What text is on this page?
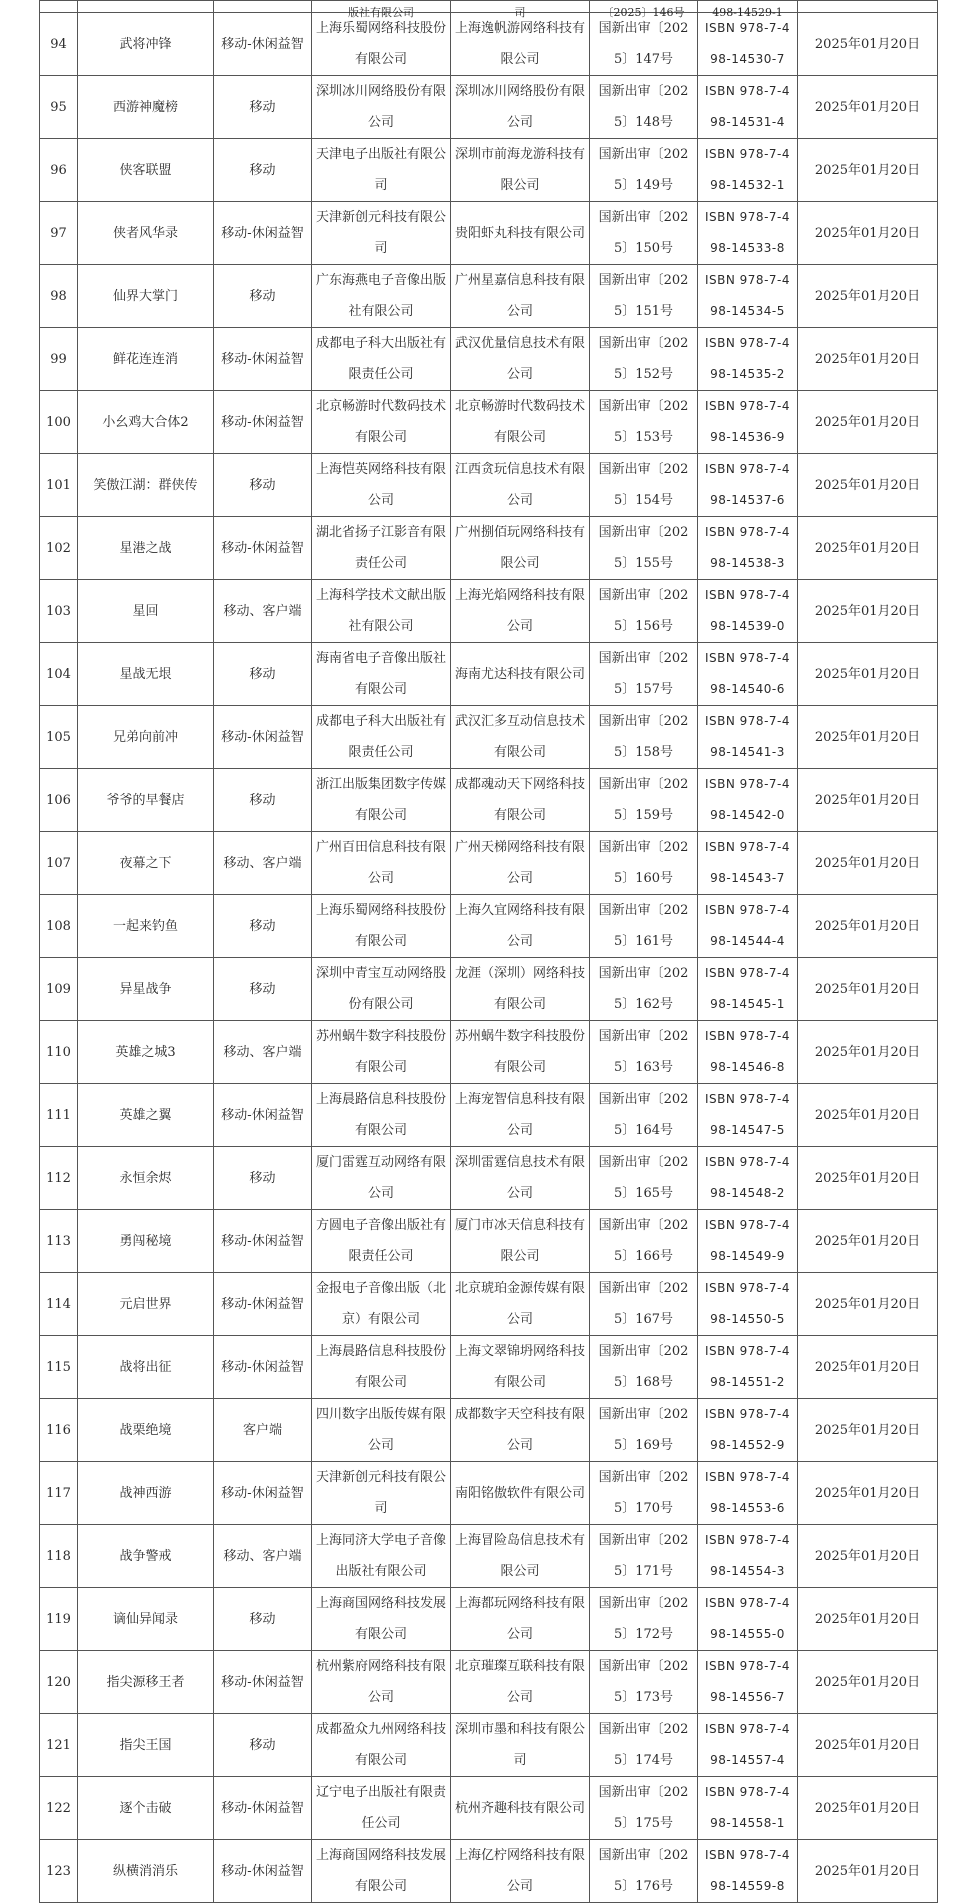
			版社有限公司	司	〔2025〕146号	498-14529-1	

94	武将冲锋	移动-休闲益智	上海乐蜀网络科技股份有限公司	上海逸帆游网络科技有限公司	国新出审〔2025〕147号	ISBN 978-7-498-14530-7	2025年01月20日
95	西游神魔榜	移动	深圳冰川网络股份有限公司	深圳冰川网络股份有限公司	国新出审〔2025〕148号	ISBN 978-7-498-14531-4	2025年01月20日
96	侠客联盟	移动	天津电子出版社有限公司	深圳市前海龙游科技有限公司	国新出审〔2025〕149号	ISBN 978-7-498-14532-1	2025年01月20日
97	侠者风华录	移动-休闲益智	天津新创元科技有限公司	贵阳虾丸科技有限公司	国新出审〔2025〕150号	ISBN 978-7-498-14533-8	2025年01月20日
98	仙界大掌门	移动	广东海燕电子音像出版社有限公司	广州星嘉信息科技有限公司	国新出审〔2025〕151号	ISBN 978-7-498-14534-5	2025年01月20日
99	鲜花连连消	移动-休闲益智	成都电子科大出版社有限责任公司	武汉优量信息技术有限公司	国新出审〔2025〕152号	ISBN 978-7-498-14535-2	2025年01月20日
100	小幺鸡大合体2	移动-休闲益智	北京畅游时代数码技术有限公司	北京畅游时代数码技术有限公司	国新出审〔2025〕153号	ISBN 978-7-498-14536-9	2025年01月20日
101	笑傲江湖：群侠传	移动	上海恺英网络科技有限公司	江西贪玩信息技术有限公司	国新出审〔2025〕154号	ISBN 978-7-498-14537-6	2025年01月20日
102	星港之战	移动-休闲益智	湖北省扬子江影音有限责任公司	广州捌佰玩网络科技有限公司	国新出审〔2025〕155号	ISBN 978-7-498-14538-3	2025年01月20日
103	星回	移动、客户端	上海科学技术文献出版社有限公司	上海光焰网络科技有限公司	国新出审〔2025〕156号	ISBN 978-7-498-14539-0	2025年01月20日
104	星战无垠	移动	海南省电子音像出版社有限公司	海南尤达科技有限公司	国新出审〔2025〕157号	ISBN 978-7-498-14540-6	2025年01月20日
105	兄弟向前冲	移动-休闲益智	成都电子科大出版社有限责任公司	武汉汇多互动信息技术有限公司	国新出审〔2025〕158号	ISBN 978-7-498-14541-3	2025年01月20日
106	爷爷的早餐店	移动	浙江出版集团数字传媒有限公司	成都魂动天下网络科技有限公司	国新出审〔2025〕159号	ISBN 978-7-498-14542-0	2025年01月20日
107	夜幕之下	移动、客户端	广州百田信息科技有限公司	广州天梯网络科技有限公司	国新出审〔2025〕160号	ISBN 978-7-498-14543-7	2025年01月20日
108	一起来钓鱼	移动	上海乐蜀网络科技股份有限公司	上海久宜网络科技有限公司	国新出审〔2025〕161号	ISBN 978-7-498-14544-4	2025年01月20日
109	异星战争	移动	深圳中青宝互动网络股份有限公司	龙涯（深圳）网络科技有限公司	国新出审〔2025〕162号	ISBN 978-7-498-14545-1	2025年01月20日
110	英雄之城3	移动、客户端	苏州蜗牛数字科技股份有限公司	苏州蜗牛数字科技股份有限公司	国新出审〔2025〕163号	ISBN 978-7-498-14546-8	2025年01月20日
111	英雄之翼	移动-休闲益智	上海晨路信息科技股份有限公司	上海宠智信息科技有限公司	国新出审〔2025〕164号	ISBN 978-7-498-14547-5	2025年01月20日
112	永恒余烬	移动	厦门雷霆互动网络有限公司	深圳雷霆信息技术有限公司	国新出审〔2025〕165号	ISBN 978-7-498-14548-2	2025年01月20日
113	勇闯秘境	移动-休闲益智	方圆电子音像出版社有限责任公司	厦门市冰天信息科技有限公司	国新出审〔2025〕166号	ISBN 978-7-498-14549-9	2025年01月20日
114	元启世界	移动-休闲益智	金报电子音像出版（北京）有限公司	北京琥珀金源传媒有限公司	国新出审〔2025〕167号	ISBN 978-7-498-14550-5	2025年01月20日
115	战将出征	移动-休闲益智	上海晨路信息科技股份有限公司	上海文翠锦坍网络科技有限公司	国新出审〔2025〕168号	ISBN 978-7-498-14551-2	2025年01月20日
116	战栗绝境	客户端	四川数字出版传媒有限公司	成都数字天空科技有限公司	国新出审〔2025〕169号	ISBN 978-7-498-14552-9	2025年01月20日
117	战神西游	移动-休闲益智	天津新创元科技有限公司	南阳铭傲软件有限公司	国新出审〔2025〕170号	ISBN 978-7-498-14553-6	2025年01月20日
118	战争警戒	移动、客户端	上海同济大学电子音像出版社有限公司	上海冒险岛信息技术有限公司	国新出审〔2025〕171号	ISBN 978-7-498-14554-3	2025年01月20日
119	谪仙异闻录	移动	上海商国网络科技发展有限公司	上海都玩网络科技有限公司	国新出审〔2025〕172号	ISBN 978-7-498-14555-0	2025年01月20日
120	指尖源移王者	移动-休闲益智	杭州紫府网络科技有限公司	北京璀璨互联科技有限公司	国新出审〔2025〕173号	ISBN 978-7-498-14556-7	2025年01月20日
121	指尖王国	移动	成都盈众九州网络科技有限公司	深圳市墨和科技有限公司	国新出审〔2025〕174号	ISBN 978-7-498-14557-4	2025年01月20日
122	逐个击破	移动-休闲益智	辽宁电子出版社有限责任公司	杭州齐趣科技有限公司	国新出审〔2025〕175号	ISBN 978-7-498-14558-1	2025年01月20日
123	纵横消消乐	移动-休闲益智	上海商国网络科技发展有限公司	上海亿柠网络科技有限公司	国新出审〔2025〕176号	ISBN 978-7-498-14559-8	2025年01月20日
